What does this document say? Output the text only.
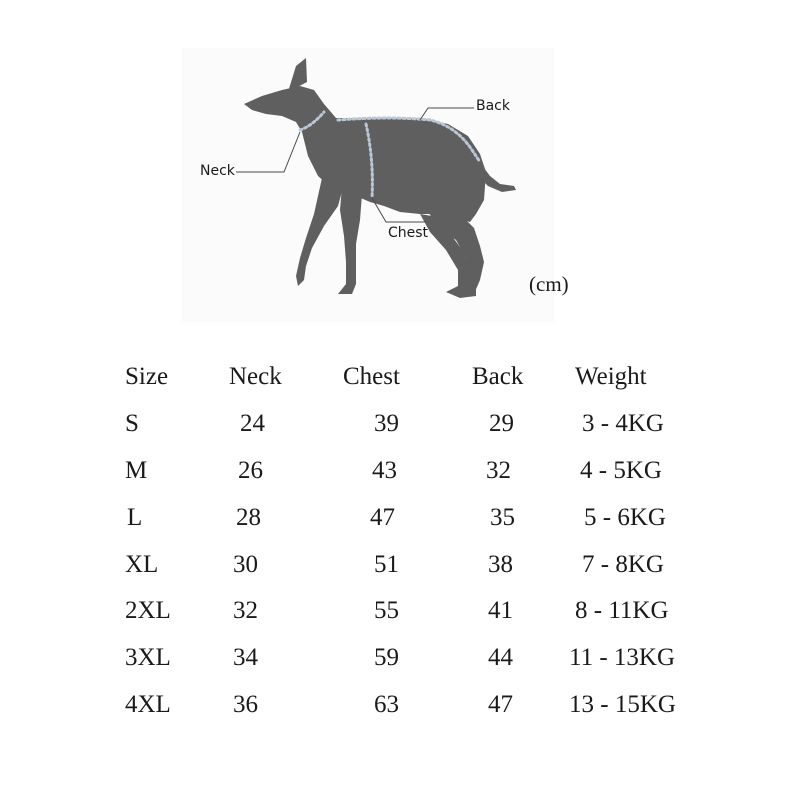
Neck
Back
Chest
(cm)
Size Neck Chest	Back Weight
S	24	39	29	3 - 4KG
M	26	43	32	4 - 5KG
L	28	47	35	5 - 6KG
XL	30	51	38	7 - 8KG
2XL 32	55	41 8 - 11KG
3XL 34	59	44 11 - 13KG
4XL 36	63	47 13 - 15KG
